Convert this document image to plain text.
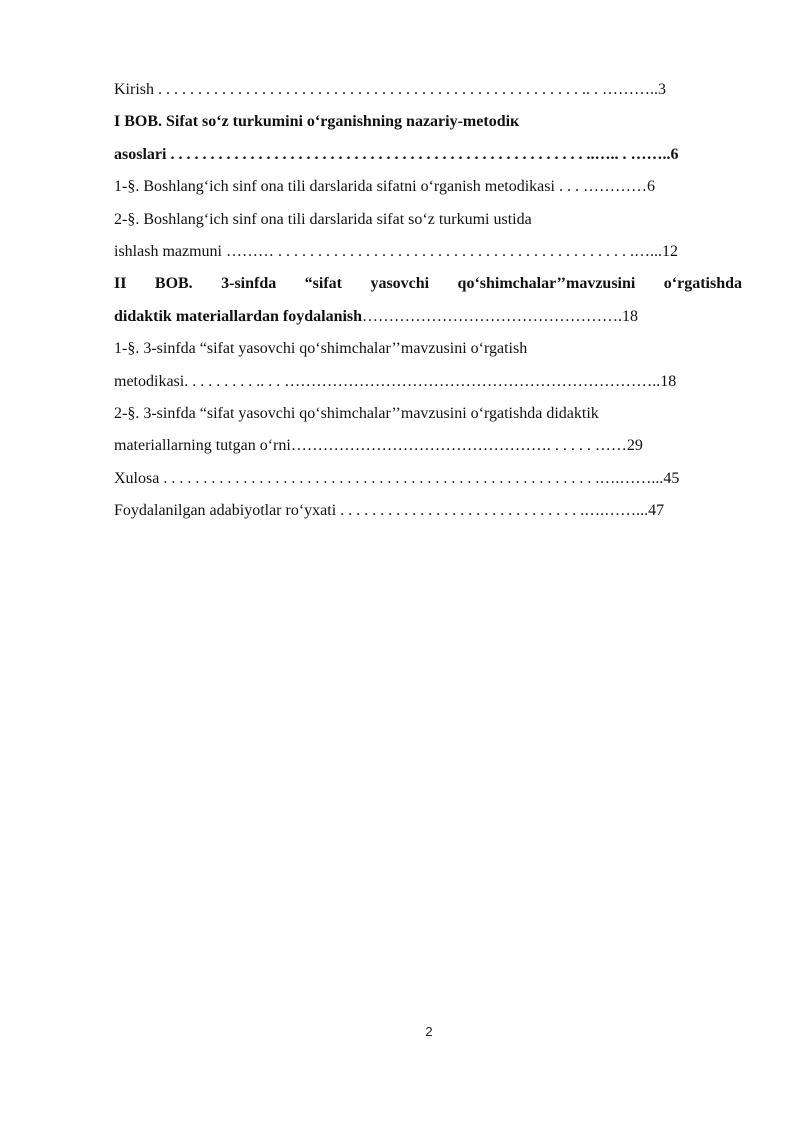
Kirish . . . . . . . . . . . . . . . . . . . . . . . . . . . . . . . . . . . . . . . . . . . . . . . . . . . . . .. . ………..3
I BOB. Sifat soʻz turkumini oʻrganishning nazariy-metodiк
asoslari . . . . . . . . . . . . . . . . . . . . . . . . . . . . . . . . . . . . . . . . . . . . . . . . . . . . ..….. . ……..6
1-§. Boshlangʻich sinf ona tili darslarida sifatni oʻrganish metodikasi . . . …………6
2-§. Boshlangʻich sinf ona tili darslarida sifat soʻz turkumi ustida
ishlash mazmuni ……… . . . . . . . . . . . . . . . . . . . . . . . . . . . . . . . . . . . . . . . . . . . . .…...12
II BOB. 3-sinfda “sifat yasovchi qoʻshimchalar’’mavzusini oʻrgatishda
didaktik materiallardan foydalanish………………………………………….18
1-§. 3-sinfda “sifat yasovchi qoʻshimchalar’’mavzusini oʻrgatish
metodikasi. . . . . . . . . .. . . ……………………………………………………………..18
2-§. 3-sinfda “sifat yasovchi qoʻshimchalar’’mavzusini oʻrgatishda didaktik
materiallarning tutgan oʻrni…………………………………………. . . . . . ……29
Xulosa . . . . . . . . . . . . . . . . . . . . . . . . . . . . . . . . . . . . . . . . . . . . . . . . . . . . . . .….……...45
Foydalanilgan adabiyotlar roʻyxati . . . . . . . . . . . . . . . . . . . . . . . . . . . . . . .….……...47
2
